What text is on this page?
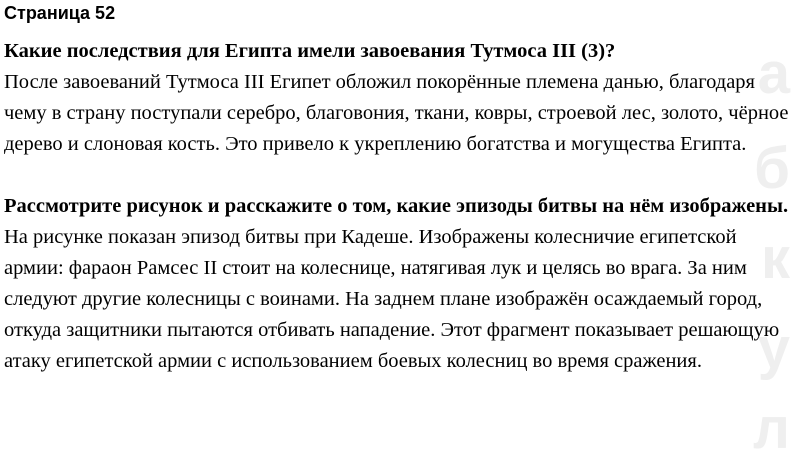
а
б
к
у
л
Страница 52

Какие последствия для Египта имели завоевания Тутмоса III (3)?

После завоеваний Тутмоса III Египет обложил покорённые племена данью, благодаря чему в страну поступали серебро, благовония, ткани, ковры, строевой лес, золото, чёрное дерево и слоновая кость. Это привело к укреплению богатства и могущества Египта.

Рассмотрите рисунок и расскажите о том, какие эпизоды битвы на нём изображены.

На рисунке показан эпизод битвы при Кадеше. Изображены колесничие египетской армии: фараон Рамсес II стоит на колеснице, натягивая лук и целясь во врага. За ним следуют другие колесницы с воинами. На заднем плане изображён осаждаемый город, откуда защитники пытаются отбивать нападение. Этот фрагмент показывает решающую атаку египетской армии с использованием боевых колесниц во время сражения.
